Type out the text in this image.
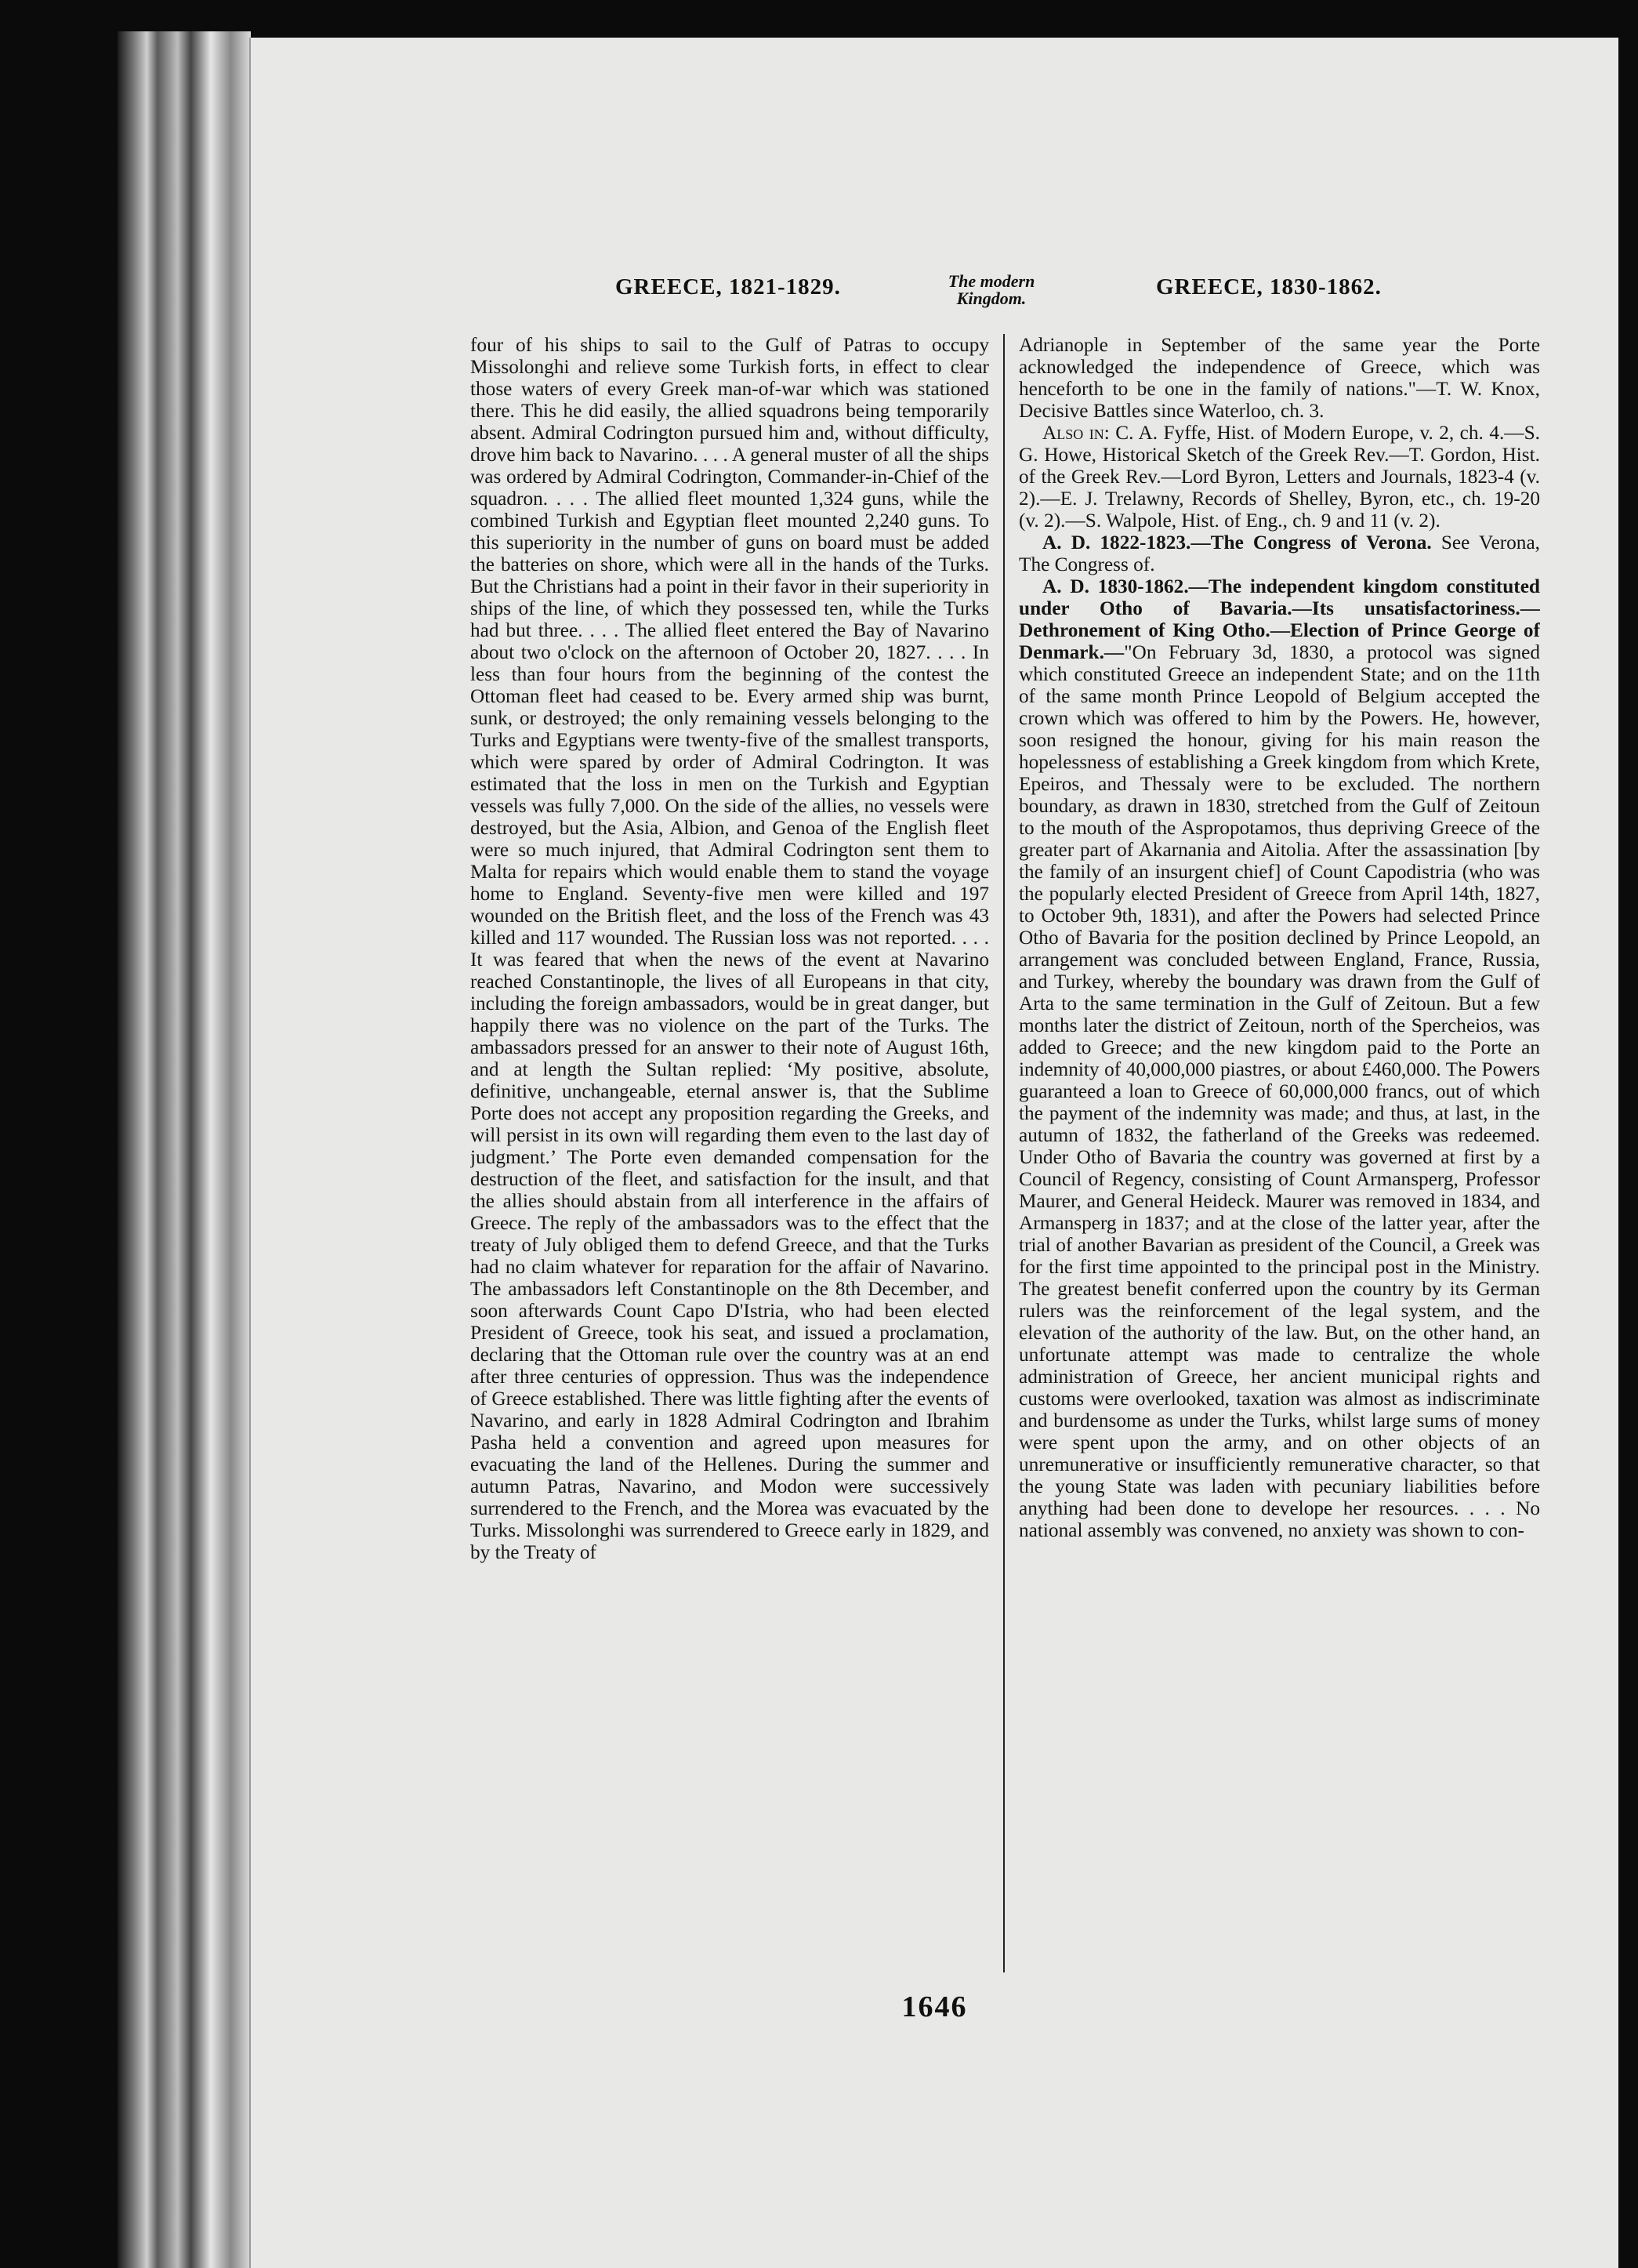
GREECE, 1821-1829.	The modern
Kingdom.	GREECE, 1830-1862.

four of his ships to sail to the Gulf of Patras to occupy Missolonghi and relieve some Turkish forts, in effect to clear those waters of every Greek man-of-war which was stationed there. This he did easily, the allied squadrons being temporarily absent. Admiral Codrington pursued him and, without difficulty, drove him back to Navarino. . . . A general muster of all the ships was ordered by Admiral Codrington, Commander-in-Chief of the squadron. . . . The allied fleet mounted 1,324 guns, while the combined Turkish and Egyptian fleet mounted 2,240 guns. To this superiority in the number of guns on board must be added the batteries on shore, which were all in the hands of the Turks. But the Christians had a point in their favor in their superiority in ships of the line, of which they possessed ten, while the Turks had but three. . . . The allied fleet entered the Bay of Navarino about two o'clock on the afternoon of October 20, 1827. . . . In less than four hours from the beginning of the contest the Ottoman fleet had ceased to be. Every armed ship was burnt, sunk, or destroyed; the only remaining vessels belonging to the Turks and Egyptians were twenty-five of the smallest transports, which were spared by order of Admiral Codrington. It was estimated that the loss in men on the Turkish and Egyptian vessels was fully 7,000. On the side of the allies, no vessels were destroyed, but the Asia, Albion, and Genoa of the English fleet were so much injured, that Admiral Codrington sent them to Malta for repairs which would enable them to stand the voyage home to England. Seventy-five men were killed and 197 wounded on the British fleet, and the loss of the French was 43 killed and 117 wounded. The Russian loss was not reported. . . . It was feared that when the news of the event at Navarino reached Constantinople, the lives of all Europeans in that city, including the foreign ambassadors, would be in great danger, but happily there was no violence on the part of the Turks. The ambassadors pressed for an answer to their note of August 16th, and at length the Sultan replied: ‘My positive, absolute, definitive, unchangeable, eternal answer is, that the Sublime Porte does not accept any proposition regarding the Greeks, and will persist in its own will regarding them even to the last day of judgment.’ The Porte even demanded compensation for the destruction of the fleet, and satisfaction for the insult, and that the allies should abstain from all interference in the affairs of Greece. The reply of the ambassadors was to the effect that the treaty of July obliged them to defend Greece, and that the Turks had no claim whatever for reparation for the affair of Navarino. The ambassadors left Constantinople on the 8th December, and soon afterwards Count Capo D'Istria, who had been elected President of Greece, took his seat, and issued a proclamation, declaring that the Ottoman rule over the country was at an end after three centuries of oppression. Thus was the independence of Greece established. There was little fighting after the events of Navarino, and early in 1828 Admiral Codrington and Ibrahim Pasha held a convention and agreed upon measures for evacuating the land of the Hellenes. During the summer and autumn Patras, Navarino, and Modon were successively surrendered to the French, and the Morea was evacuated by the Turks. Missolonghi was surrendered to Greece early in 1829, and by the Treaty of

Adrianople in September of the same year the Porte acknowledged the independence of Greece, which was henceforth to be one in the family of nations."—T. W. Knox, Decisive Battles since Waterloo, ch. 3.

Also in: C. A. Fyffe, Hist. of Modern Europe, v. 2, ch. 4.—S. G. Howe, Historical Sketch of the Greek Rev.—T. Gordon, Hist. of the Greek Rev.—Lord Byron, Letters and Journals, 1823-4 (v. 2).—E. J. Trelawny, Records of Shelley, Byron, etc., ch. 19-20 (v. 2).—S. Walpole, Hist. of Eng., ch. 9 and 11 (v. 2).

A. D. 1822-1823.—The Congress of Verona. See Verona, The Congress of.

A. D. 1830-1862.—The independent kingdom constituted under Otho of Bavaria.—Its unsatisfactoriness.—Dethronement of King Otho.—Election of Prince George of Denmark.—"On February 3d, 1830, a protocol was signed which constituted Greece an independent State; and on the 11th of the same month Prince Leopold of Belgium accepted the crown which was offered to him by the Powers. He, however, soon resigned the honour, giving for his main reason the hopelessness of establishing a Greek kingdom from which Krete, Epeiros, and Thessaly were to be excluded. The northern boundary, as drawn in 1830, stretched from the Gulf of Zeitoun to the mouth of the Aspropotamos, thus depriving Greece of the greater part of Akarnania and Aitolia. After the assassination [by the family of an insurgent chief] of Count Capodistria (who was the popularly elected President of Greece from April 14th, 1827, to October 9th, 1831), and after the Powers had selected Prince Otho of Bavaria for the position declined by Prince Leopold, an arrangement was concluded between England, France, Russia, and Turkey, whereby the boundary was drawn from the Gulf of Arta to the same termination in the Gulf of Zeitoun. But a few months later the district of Zeitoun, north of the Spercheios, was added to Greece; and the new kingdom paid to the Porte an indemnity of 40,000,000 piastres, or about £460,000. The Powers guaranteed a loan to Greece of 60,000,000 francs, out of which the payment of the indemnity was made; and thus, at last, in the autumn of 1832, the fatherland of the Greeks was redeemed. Under Otho of Bavaria the country was governed at first by a Council of Regency, consisting of Count Armansperg, Professor Maurer, and General Heideck. Maurer was removed in 1834, and Armansperg in 1837; and at the close of the latter year, after the trial of another Bavarian as president of the Council, a Greek was for the first time appointed to the principal post in the Ministry. The greatest benefit conferred upon the country by its German rulers was the reinforcement of the legal system, and the elevation of the authority of the law. But, on the other hand, an unfortunate attempt was made to centralize the whole administration of Greece, her ancient municipal rights and customs were overlooked, taxation was almost as indiscriminate and burdensome as under the Turks, whilst large sums of money were spent upon the army, and on other objects of an unremunerative or insufficiently remunerative character, so that the young State was laden with pecuniary liabilities before anything had been done to develope her resources. . . . No national assembly was convened, no anxiety was shown to con-

1646
